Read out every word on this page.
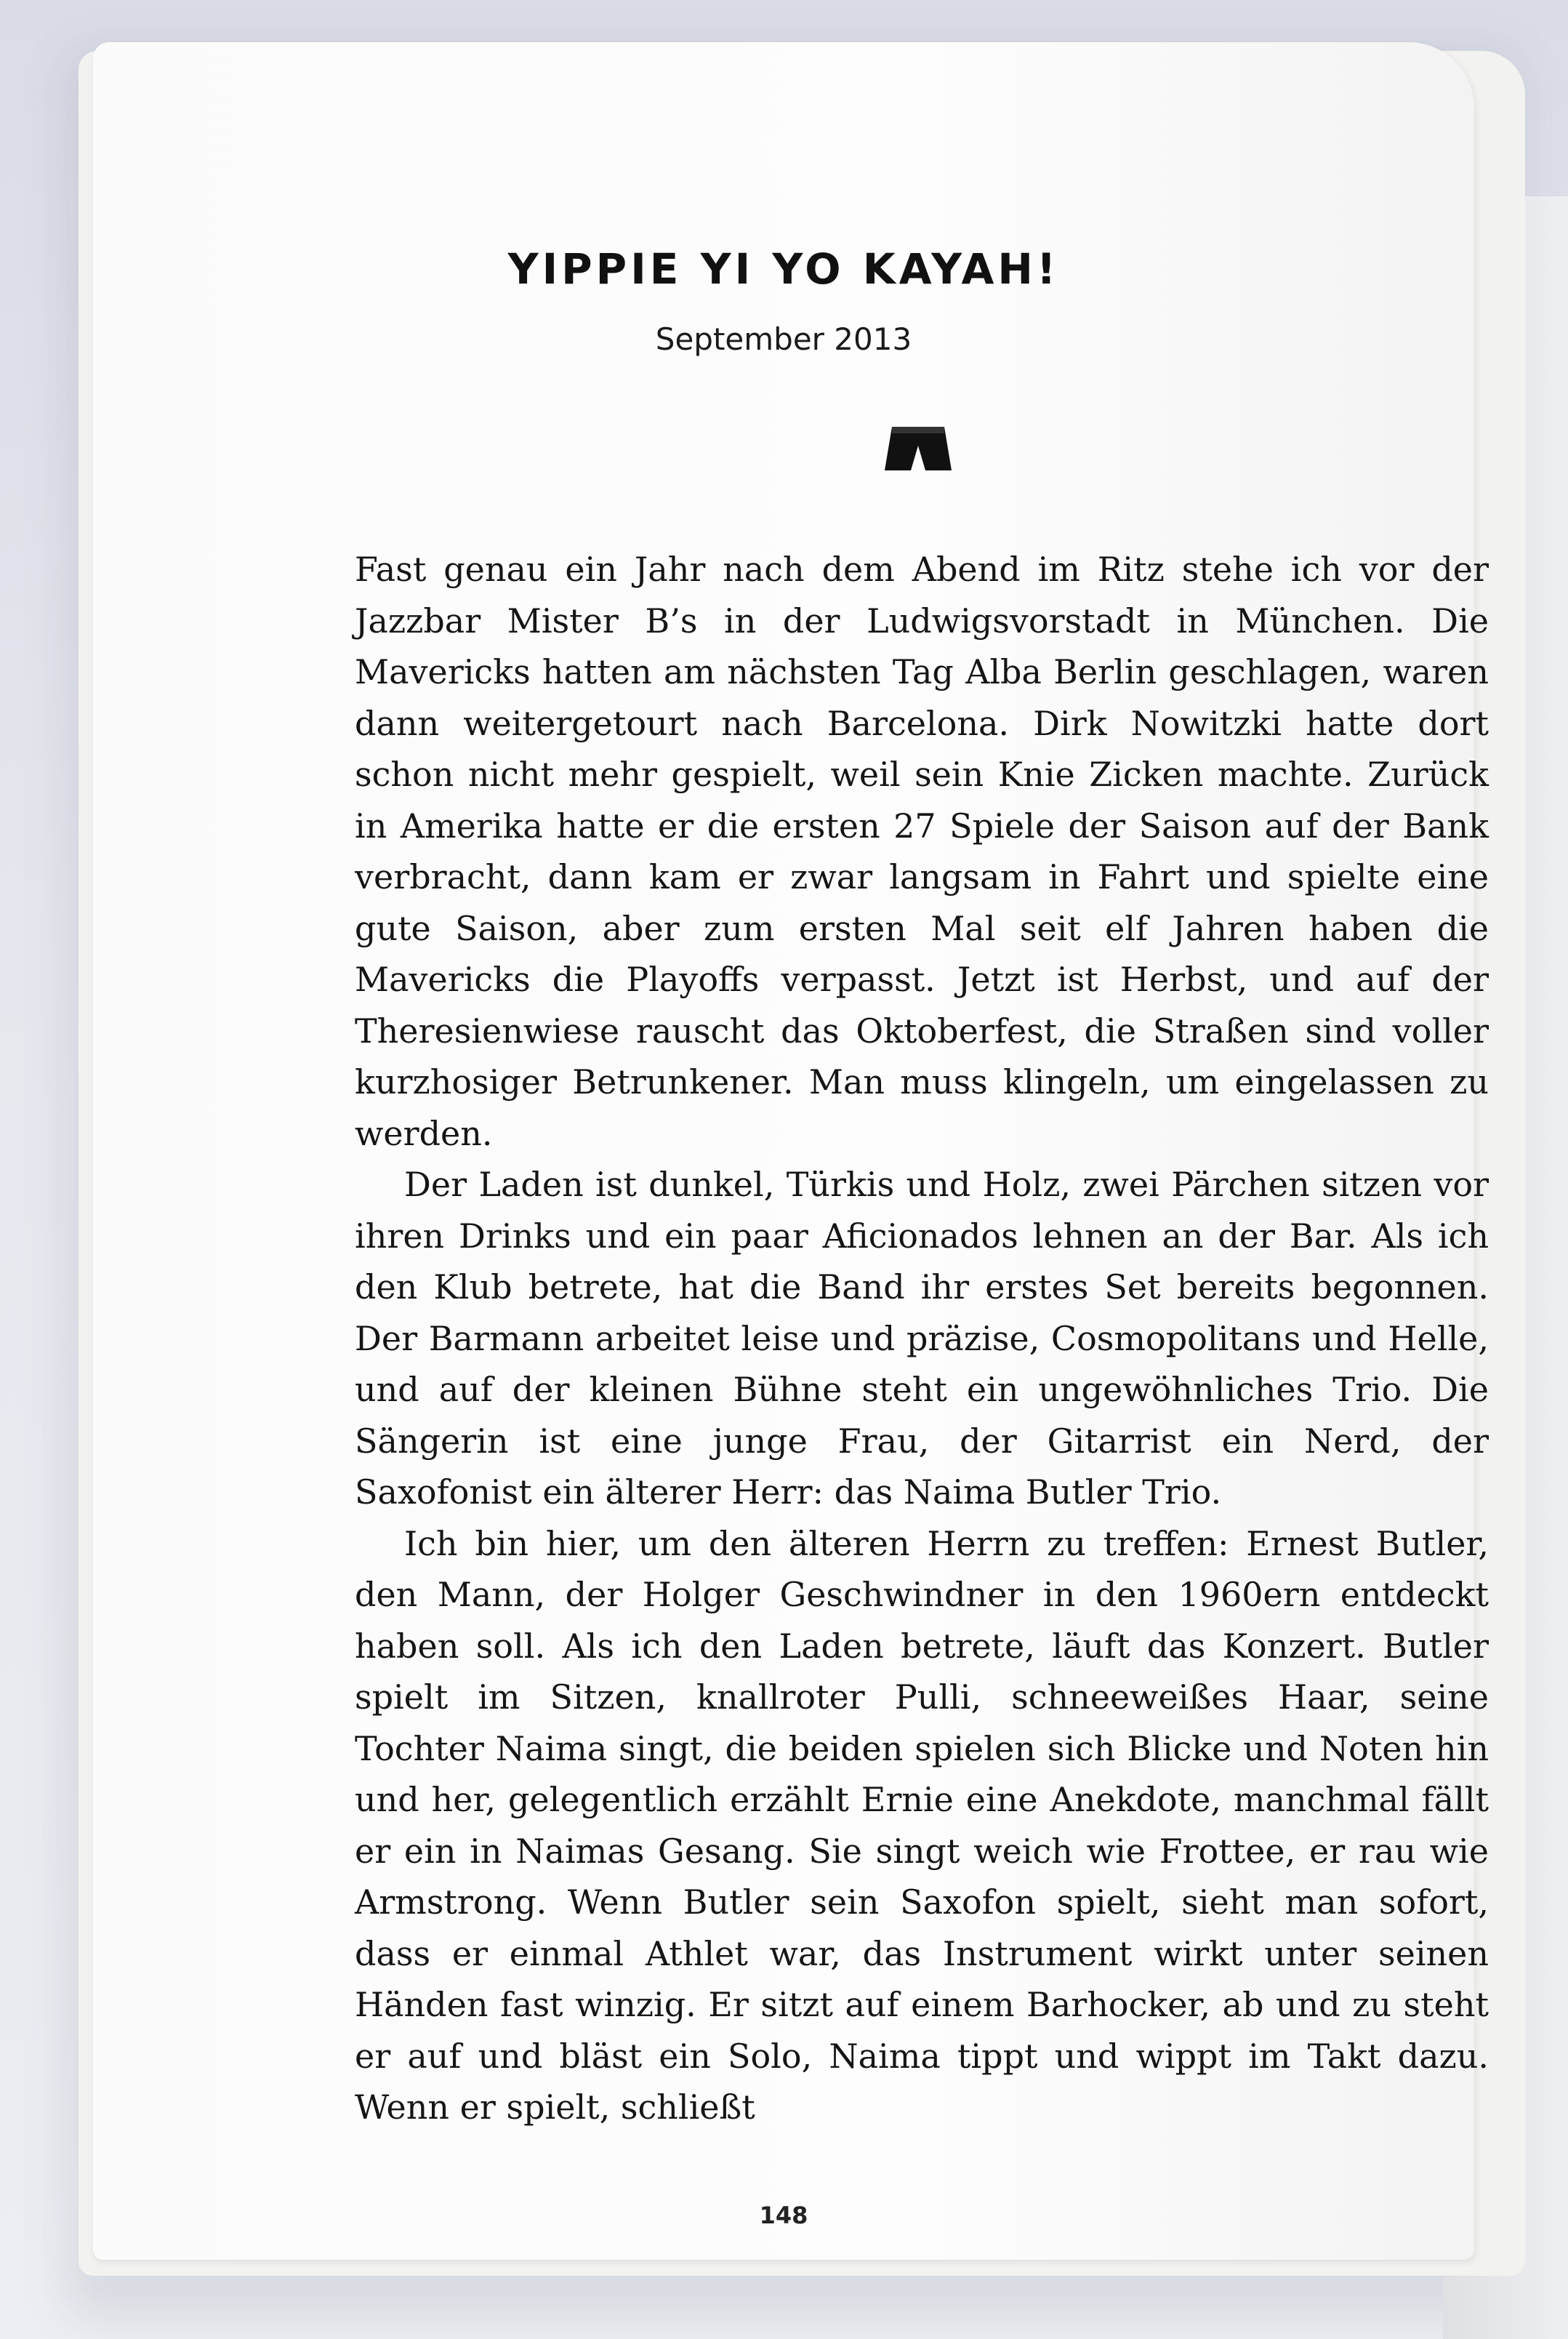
YIPPIE YI YO KAYAH!
September 2013

Fast genau ein Jahr nach dem Abend im Ritz stehe ich vor der Jazzbar Mister B’s in der Ludwigsvorstadt in München. Die Mavericks hatten am nächsten Tag Alba Berlin geschlagen, waren dann weitergetourt nach Barcelona. Dirk Nowitzki hatte dort schon nicht mehr gespielt, weil sein Knie Zicken machte. Zurück in Amerika hatte er die ersten 27 Spiele der Saison auf der Bank verbracht, dann kam er zwar langsam in Fahrt und spielte eine gute Saison, aber zum ersten Mal seit elf Jahren haben die Mavericks die Playoffs verpasst. Jetzt ist Herbst, und auf der Theresienwiese rauscht das Oktoberfest, die Straßen sind voller kurzhosiger Betrunkener. Man muss klingeln, um eingelassen zu werden.

Der Laden ist dunkel, Türkis und Holz, zwei Pärchen sitzen vor ihren Drinks und ein paar Aficionados lehnen an der Bar. Als ich den Klub betrete, hat die Band ihr erstes Set bereits begonnen. Der Barmann arbeitet leise und präzise, Cosmopolitans und Helle, und auf der kleinen Bühne steht ein ungewöhnliches Trio. Die Sängerin ist eine junge Frau, der Gitarrist ein Nerd, der Saxofonist ein älterer Herr: das Naima Butler Trio.

Ich bin hier, um den älteren Herrn zu treffen: Ernest Butler, den Mann, der Holger Geschwindner in den 1960ern entdeckt haben soll. Als ich den Laden betrete, läuft das Konzert. Butler spielt im Sitzen, knallroter Pulli, schneeweißes Haar, seine Tochter Naima singt, die beiden spielen sich Blicke und Noten hin und her, gelegentlich erzählt Ernie eine Anekdote, manchmal fällt er ein in Naimas Gesang. Sie singt weich wie Frottee, er rau wie Armstrong. Wenn Butler sein Saxofon spielt, sieht man sofort, dass er einmal Athlet war, das Instrument wirkt unter seinen Händen fast winzig. Er sitzt auf einem Barhocker, ab und zu steht er auf und bläst ein Solo, Naima tippt und wippt im Takt dazu. Wenn er spielt, schließt

148
